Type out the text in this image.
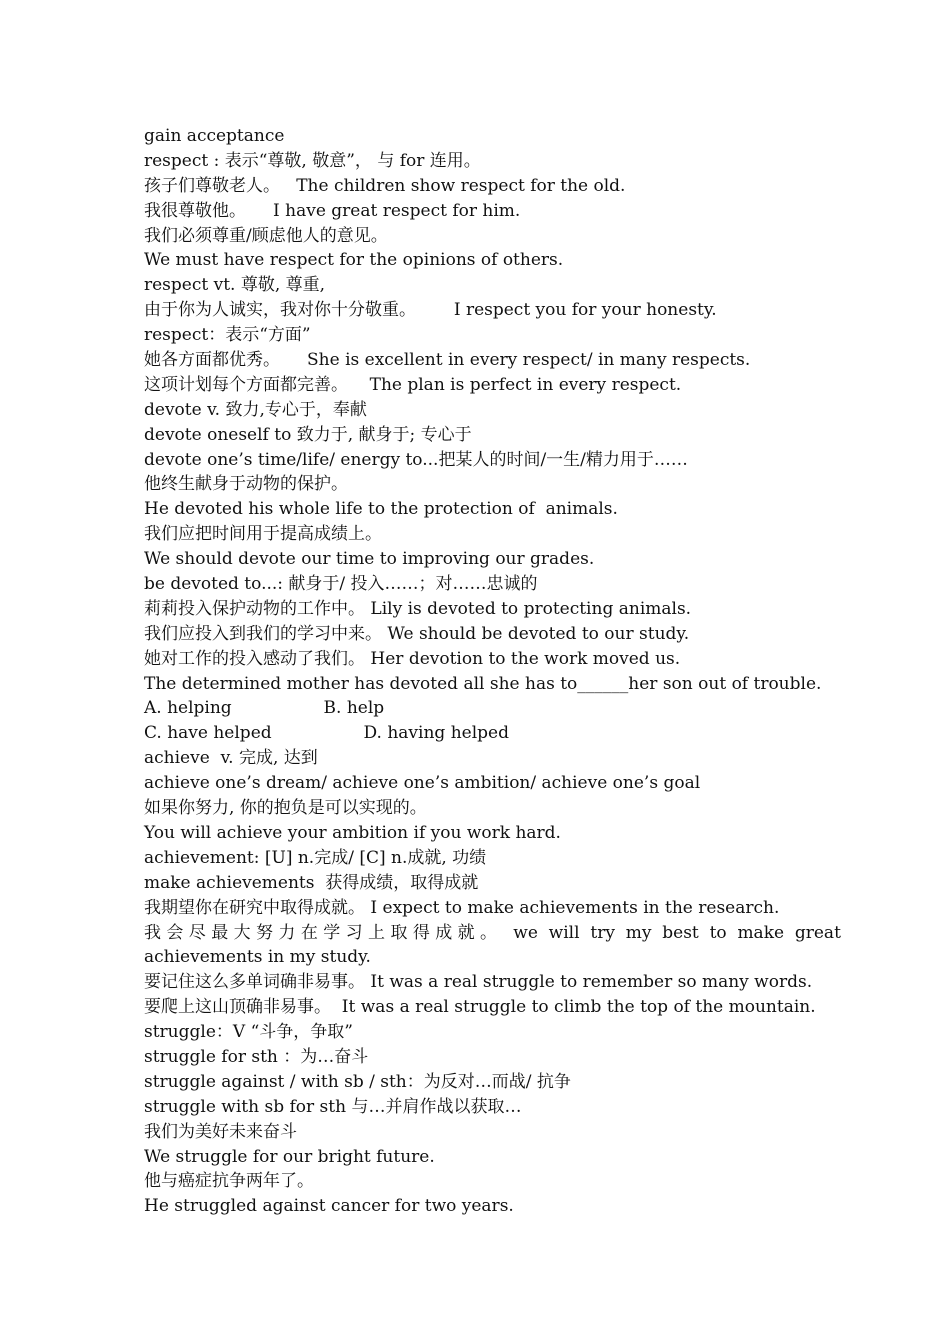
gain acceptance
respect : 表示“尊敬, 敬意”， 与 for 连用。
孩子们尊敬老人。   The children show respect for the old.
我很尊敬他。     I have great respect for him.
我们必须尊重/顾虑他人的意见。
We must have respect for the opinions of others.
respect vt. 尊敬, 尊重,
由于你为人诚实，我对你十分敬重。       I respect you for your honesty.
respect：表示“方面”
她各方面都优秀。     She is excellent in every respect/ in many respects.
这项计划每个方面都完善。    The plan is perfect in every respect.
devote v. 致力,专心于，奉献
devote oneself to 致力于, 献身于; 专心于
devote one’s time/life/ energy to...把某人的时间/一生/精力用于……
他终生献身于动物的保护。
He devoted his whole life to the protection of  animals.
我们应把时间用于提高成绩上。
We should devote our time to improving our grades.
be devoted to...: 献身于/ 投入……；对……忠诚的
莉莉投入保护动物的工作中。 Lily is devoted to protecting animals.
我们应投入到我们的学习中来。 We should be devoted to our study.
她对工作的投入感动了我们。 Her devotion to the work moved us.
The determined mother has devoted all she has to______her son out of trouble.
A. helping                 B. help
C. have helped                 D. having helped
achieve  v. 完成, 达到
achieve one’s dream/ achieve one’s ambition/ achieve one’s goal
如果你努力, 你的抱负是可以实现的。
You will achieve your ambition if you work hard.
achievement: [U] n.完成/ [C] n.成就, 功绩
make achievements  获得成绩，取得成就
我期望你在研究中取得成就。 I expect to make achievements in the research.
我 会 尽 最 大 努 力 在 学 习 上 取 得 成 就 。   we  will  try  my  best  to  make  great
achievements in my study.
要记住这么多单词确非易事。 It was a real struggle to remember so many words.
要爬上这山顶确非易事。  It was a real struggle to climb the top of the mountain.
struggle：V “斗争，争取”
struggle for sth ：为…奋斗
struggle against / with sb / sth：为反对…而战/ 抗争
struggle with sb for sth 与…并肩作战以获取…
我们为美好未来奋斗
We struggle for our bright future.
他与癌症抗争两年了。
He struggled against cancer for two years.
